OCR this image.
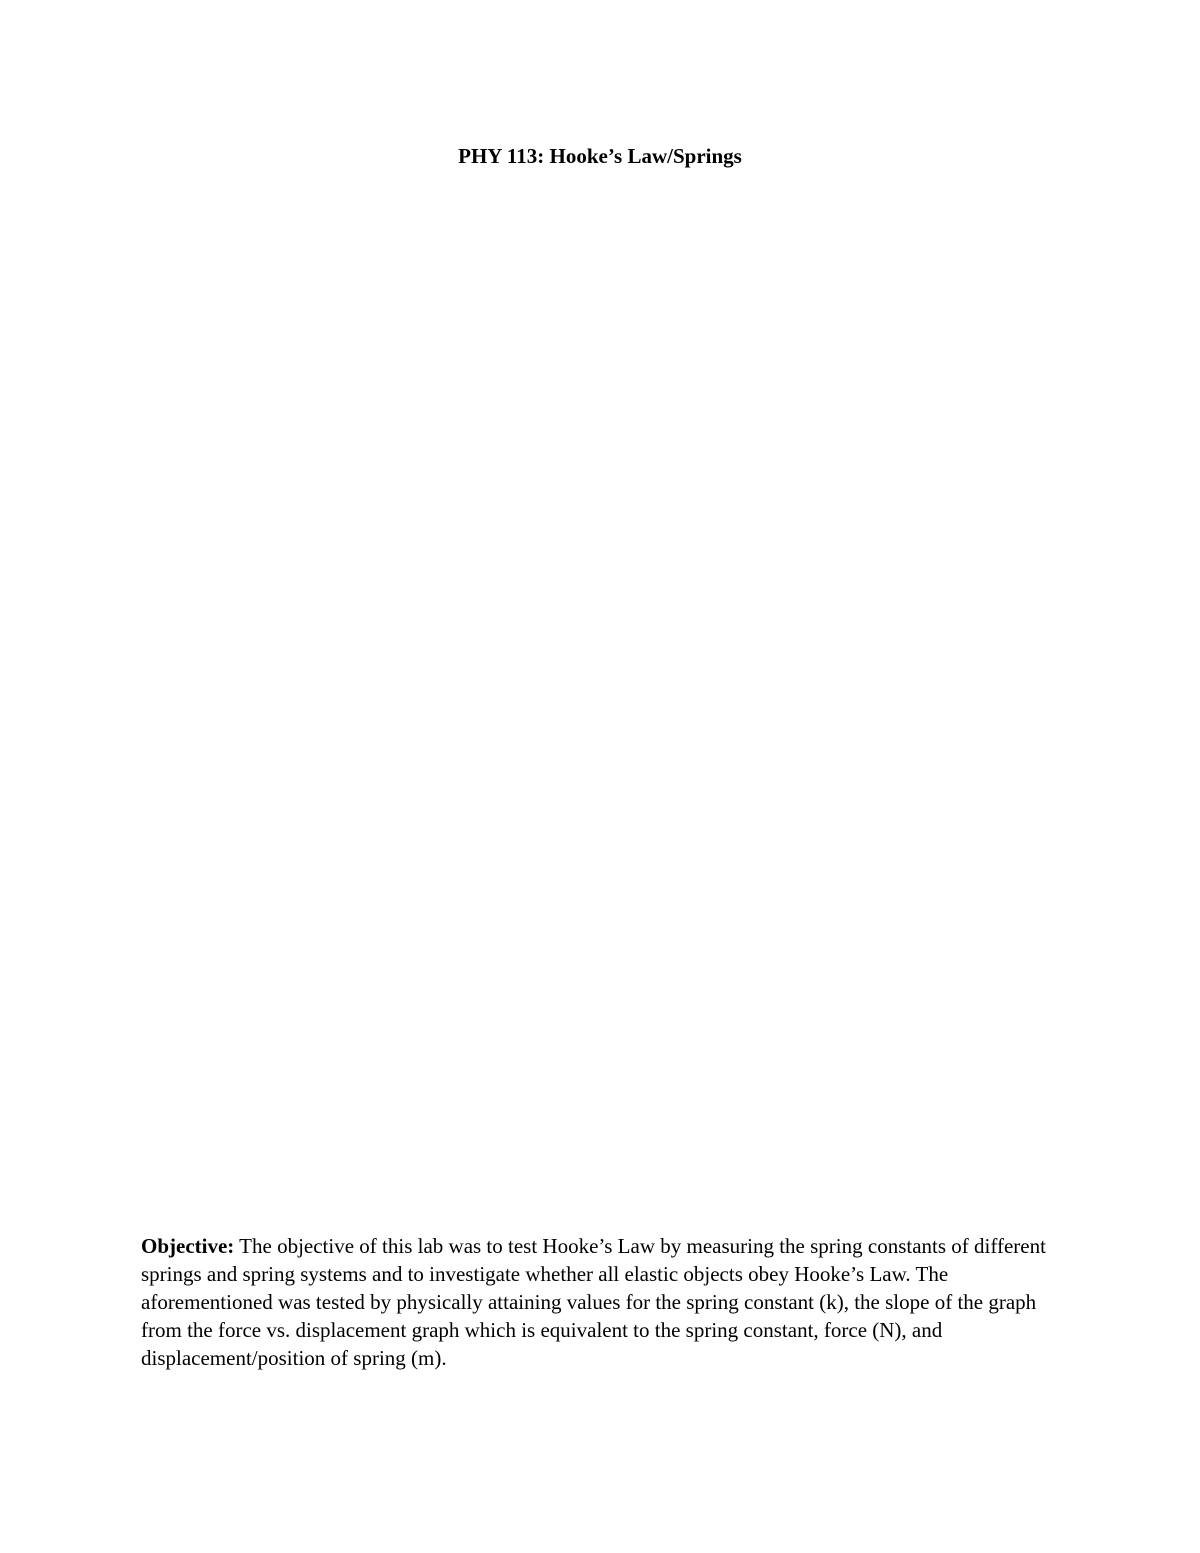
PHY 113: Hooke’s Law/Springs

Objective: The objective of this lab was to test Hooke’s Law by measuring the spring constants of different springs and spring systems and to investigate whether all elastic objects obey Hooke’s Law. The aforementioned was tested by physically attaining values for the spring constant (k), the slope of the graph from the force vs. displacement graph which is equivalent to the spring constant, force (N), and displacement/position of spring (m).
